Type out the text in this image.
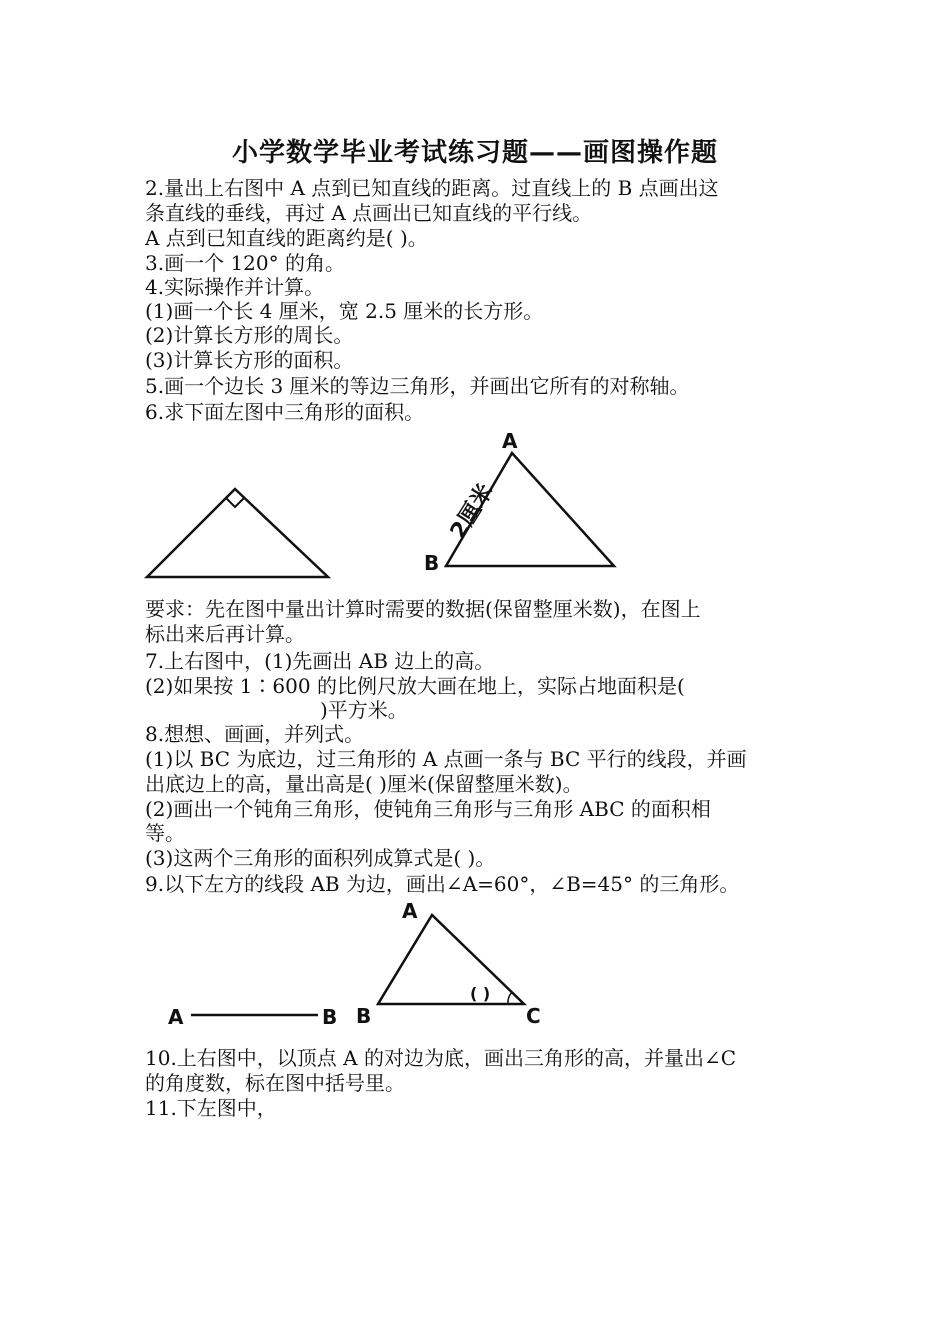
小学数学毕业考试练习题——画图操作题
2.量出上右图中 A 点到已知直线的距离。过直线上的 B 点画出这
条直线的垂线，再过 A 点画出已知直线的平行线。
A 点到已知直线的距离约是( )。
3.画一个 120° 的角。
4.实际操作并计算。
(1)画一个长 4 厘米，宽 2.5 厘米的长方形。
(2)计算长方形的周长。
(3)计算长方形的面积。
5.画一个边长 3 厘米的等边三角形，并画出它所有的对称轴。
6.求下面左图中三角形的面积。
A
B
2厘米
A	B
A
B	C
( )
要求：先在图中量出计算时需要的数据(保留整厘米数)，在图上
标出来后再计算。
7.上右图中，(1)先画出 AB 边上的高。
(2)如果按 1∶600 的比例尺放大画在地上，实际占地面积是(
)平方米。
8.想想、画画，并列式。
(1)以 BC 为底边，过三角形的 A 点画一条与 BC 平行的线段，并画
出底边上的高，量出高是( )厘米(保留整厘米数)。
(2)画出一个钝角三角形，使钝角三角形与三角形 ABC 的面积相
等。
(3)这两个三角形的面积列成算式是( )。
9.以下左方的线段 AB 为边，画出∠A=60°，∠B=45° 的三角形。
10.上右图中，以顶点 A 的对边为底，画出三角形的高，并量出∠C
的角度数，标在图中括号里。
11.下左图中，
